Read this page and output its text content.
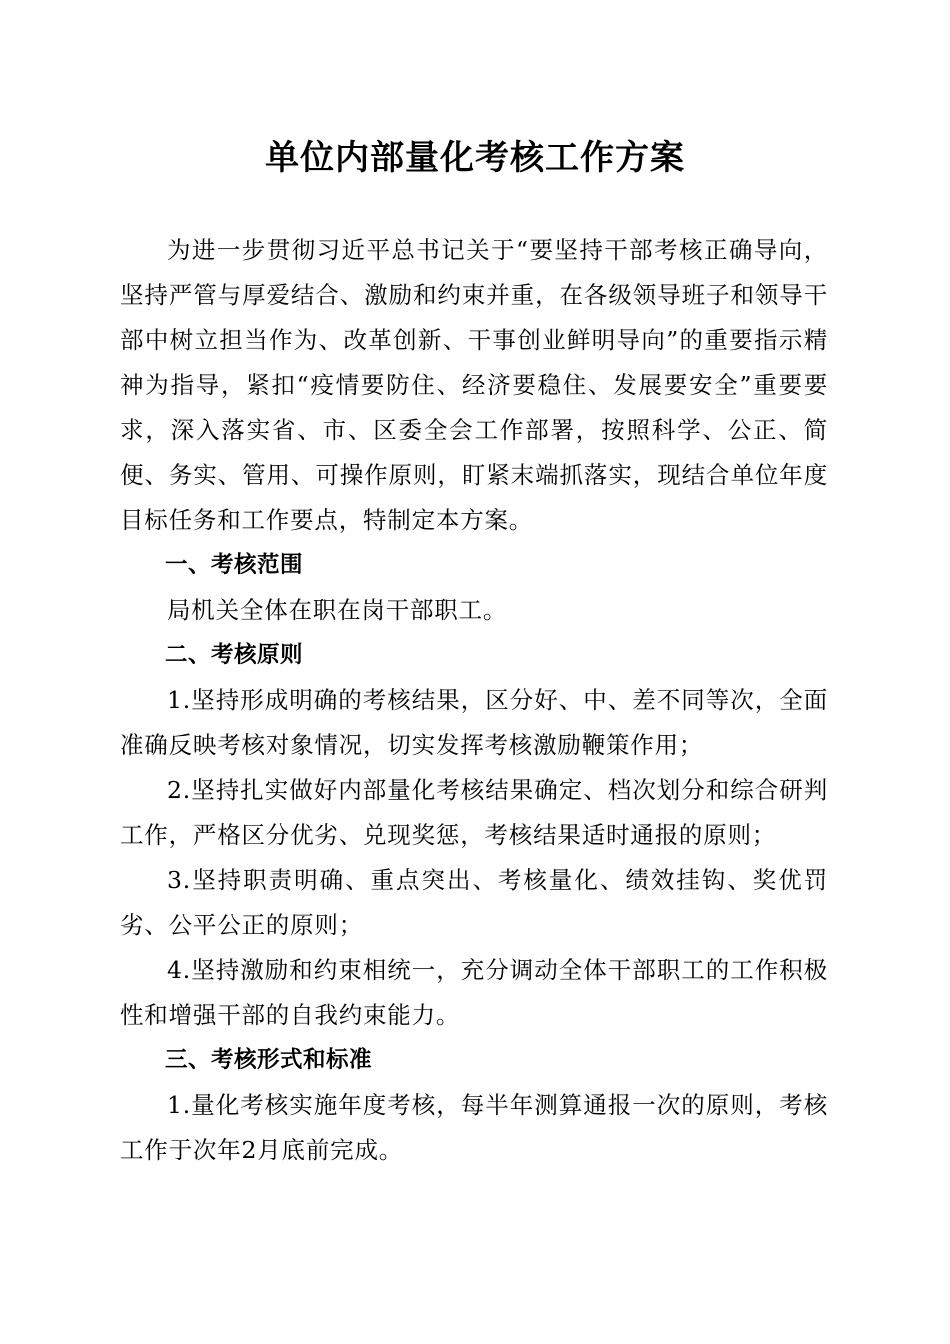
单位内部量化考核工作方案

为进一步贯彻习近平总书记关于“要坚持干部考核正确导向，坚持严管与厚爱结合、激励和约束并重，在各级领导班子和领导干部中树立担当作为、改革创新、干事创业鲜明导向”的重要指示精神为指导，紧扣“疫情要防住、经济要稳住、发展要安全”重要要求，深入落实省、市、区委全会工作部署，按照科学、公正、简便、务实、管用、可操作原则，盯紧末端抓落实，现结合单位年度目标任务和工作要点，特制定本方案。

一、考核范围

局机关全体在职在岗干部职工。

二、考核原则

1.坚持形成明确的考核结果，区分好、中、差不同等次，全面准确反映考核对象情况，切实发挥考核激励鞭策作用；

2.坚持扎实做好内部量化考核结果确定、档次划分和综合研判工作，严格区分优劣、兑现奖惩，考核结果适时通报的原则；

3.坚持职责明确、重点突出、考核量化、绩效挂钩、奖优罚劣、公平公正的原则；

4.坚持激励和约束相统一，充分调动全体干部职工的工作积极性和增强干部的自我约束能力。

三、考核形式和标准

1.量化考核实施年度考核，每半年测算通报一次的原则，考核工作于次年2月底前完成。
